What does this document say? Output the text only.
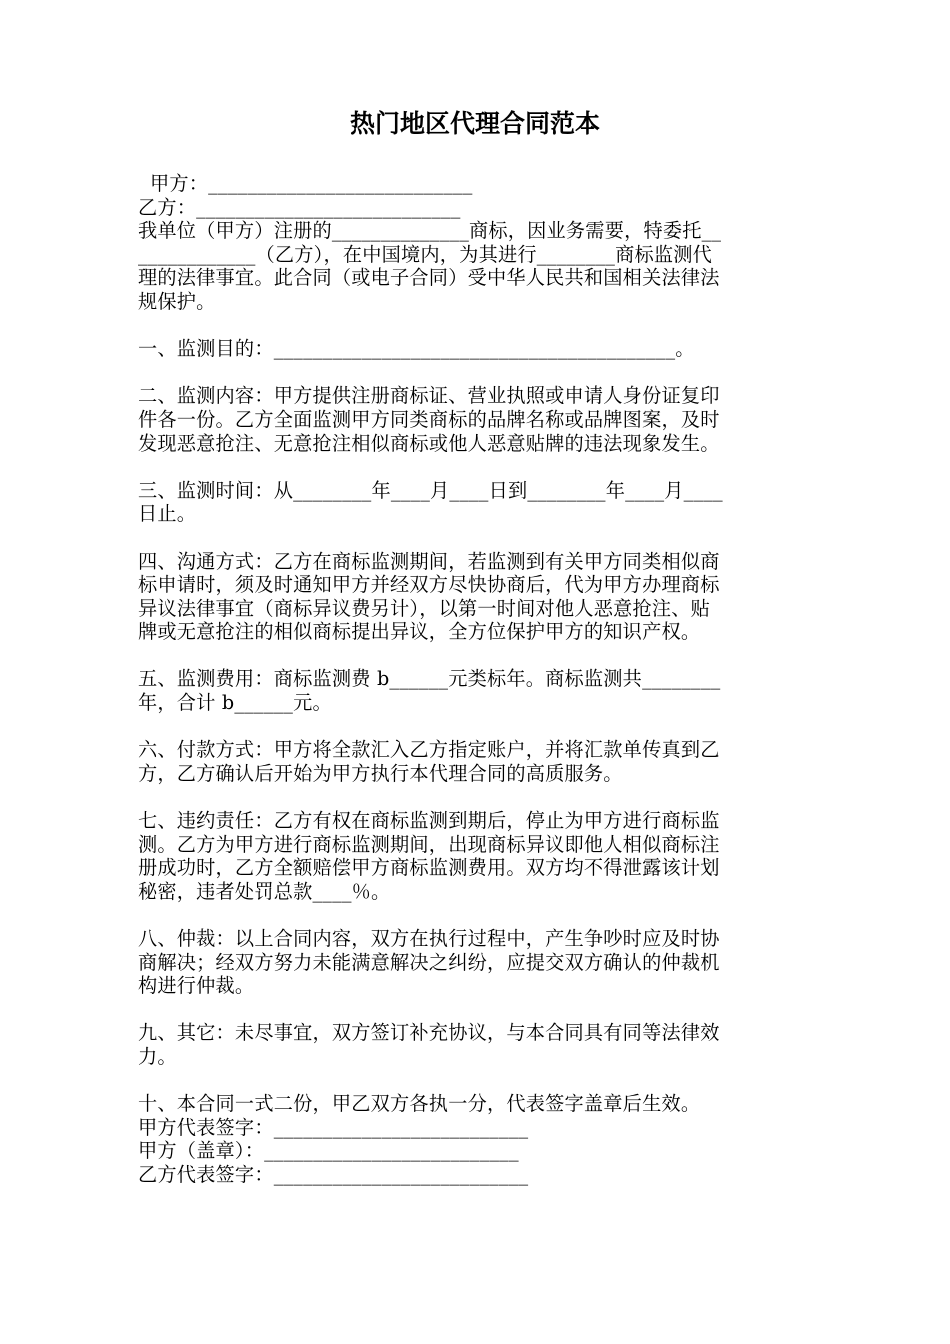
热门地区代理合同范本
甲方：___________________________
乙方：___________________________
我单位（甲方）注册的______________商标，因业务需要，特委托__
____________（乙方），在中国境内，为其进行________商标监测代
理的法律事宜。此合同（或电子合同）受中华人民共和国相关法律法
规保护。
一、监测目的：_________________________________________。
二、监测内容：甲方提供注册商标证、营业执照或申请人身份证复印
件各一份。乙方全面监测甲方同类商标的品牌名称或品牌图案，及时
发现恶意抢注、无意抢注相似商标或他人恶意贴牌的违法现象发生。
三、监测时间：从________年____月____日到________年____月____
日止。
四、沟通方式：乙方在商标监测期间，若监测到有关甲方同类相似商
标申请时，须及时通知甲方并经双方尽快协商后，代为甲方办理商标
异议法律事宜（商标异议费另计），以第一时间对他人恶意抢注、贴
牌或无意抢注的相似商标提出异议，全方位保护甲方的知识产权。
五、监测费用：商标监测费 b______元类标年。商标监测共________
年，合计 b______元。
六、付款方式：甲方将全款汇入乙方指定账户，并将汇款单传真到乙
方，乙方确认后开始为甲方执行本代理合同的高质服务。
七、违约责任：乙方有权在商标监测到期后，停止为甲方进行商标监
测。乙方为甲方进行商标监测期间，出现商标异议即他人相似商标注
册成功时，乙方全额赔偿甲方商标监测费用。双方均不得泄露该计划
秘密，违者处罚总款____％。
八、仲裁：以上合同内容，双方在执行过程中，产生争吵时应及时协
商解决；经双方努力未能满意解决之纠纷，应提交双方确认的仲裁机
构进行仲裁。
九、其它：未尽事宜，双方签订补充协议，与本合同具有同等法律效
力。
十、本合同一式二份，甲乙双方各执一分，代表签字盖章后生效。
甲方代表签字：__________________________
甲方（盖章）：__________________________
乙方代表签字：__________________________
